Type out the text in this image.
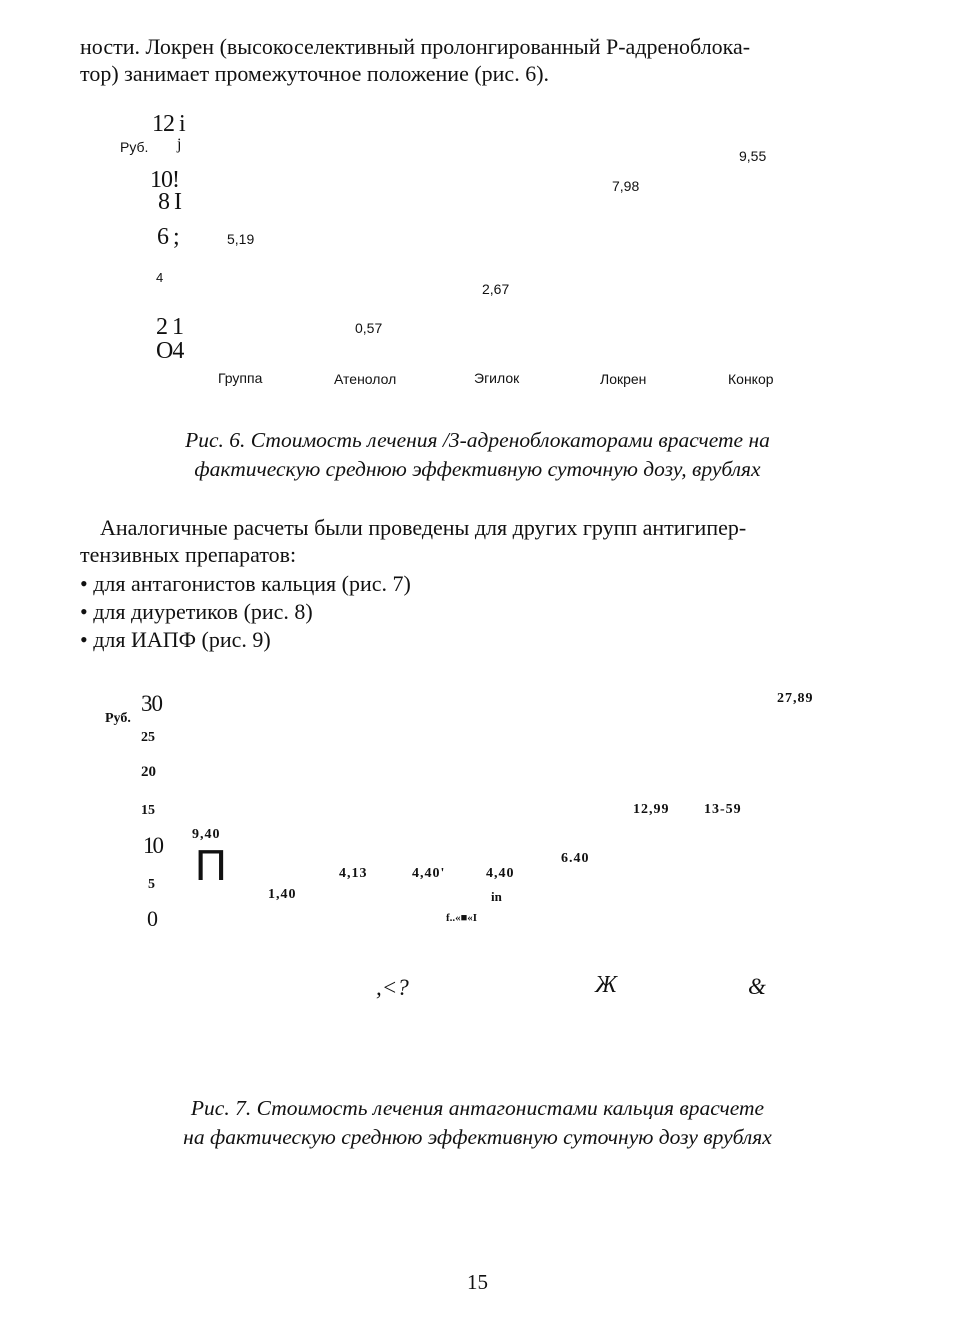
ности. Локрен (высокоселективный пролонгированный Р-адреноблока-
тор) занимает промежуточное положение (рис. 6).
Руб.
12 i
j
10!
8 I
6 ;
4
2 1
O4
5,19
0,57
2,67
7,98
9,55
Группа	Атенолол	Эгилок	Локрен	Конкор
Рис. 6. Стоимость лечения /3-адреноблокаторами врасчете на
фактическую среднюю эффективную суточную дозу, врублях
Аналогичные расчеты были проведены для других групп антигипер-
тензивных препаратов:
• для антагонистов кальция (рис. 7)
• для диуретиков (рис. 8)
• для ИАПФ (рис. 9)
Руб.
30
25
20
15
10
5
0
9,40
П
1,40
4,13	4,40'	4,40
6.40
12,99 13-59
27,89
in
f..«■«I
,<?	Ж	&
Рис. 7. Стоимость лечения антагонистами кальция врасчете
на фактическую среднюю эффективную суточную дозу врублях
15
